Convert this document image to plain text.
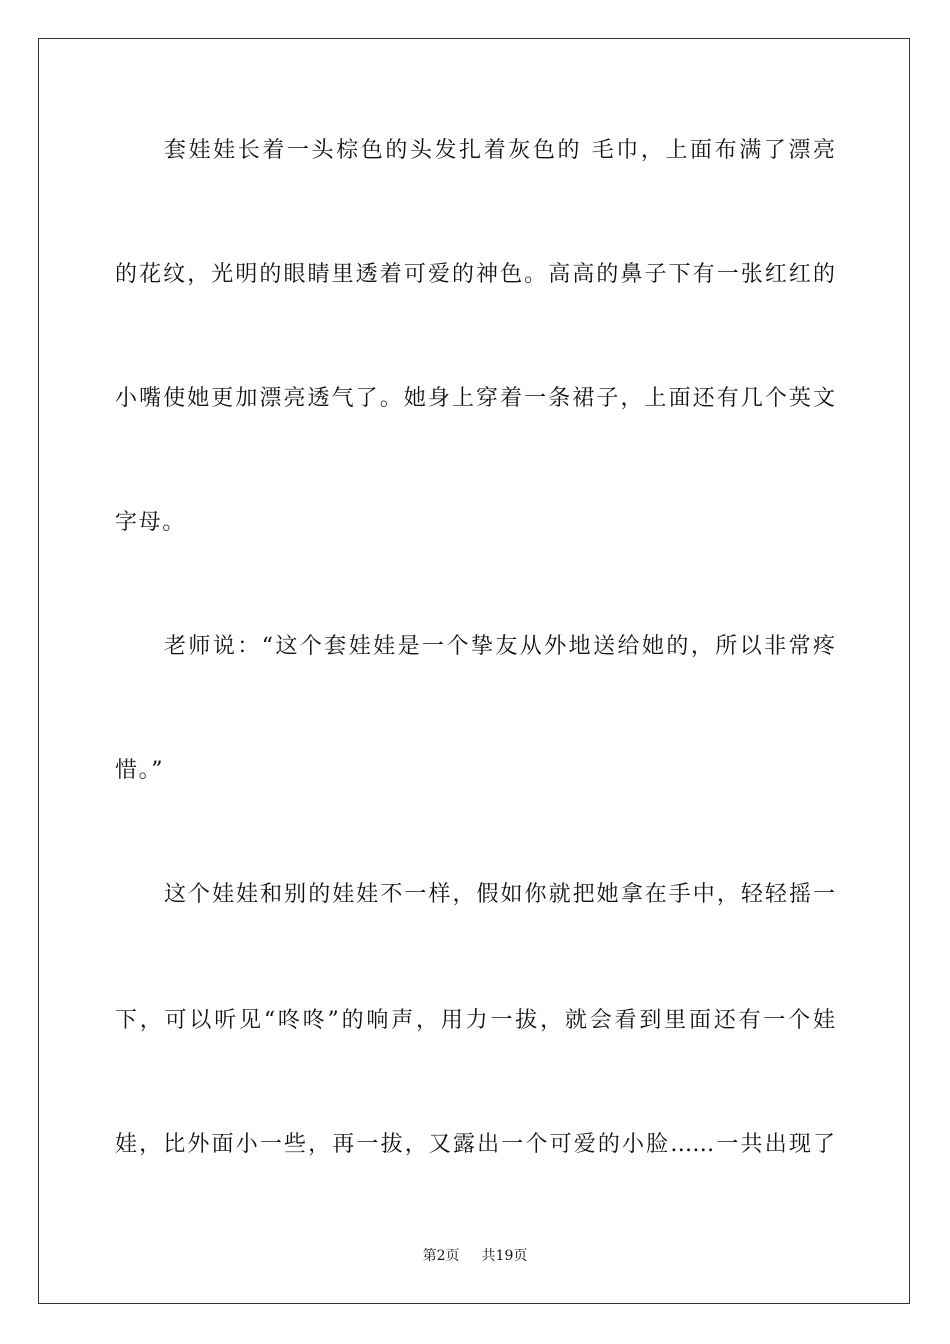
套娃娃长着一头棕色的头发扎着灰色的 毛巾，上面布满了漂亮
的花纹，光明的眼睛里透着可爱的神色。高高的鼻子下有一张红红的
小嘴使她更加漂亮透气了。她身上穿着一条裙子，上面还有几个英文
字母。
老师说：“这个套娃娃是一个挚友从外地送给她的，所以非常疼
惜。”
这个娃娃和别的娃娃不一样，假如你就把她拿在手中，轻轻摇一
下，可以听见“咚咚”的响声，用力一拔，就会看到里面还有一个娃
娃，比外面小一些，再一拔，又露出一个可爱的小脸……一共出现了
第2页 共19页
